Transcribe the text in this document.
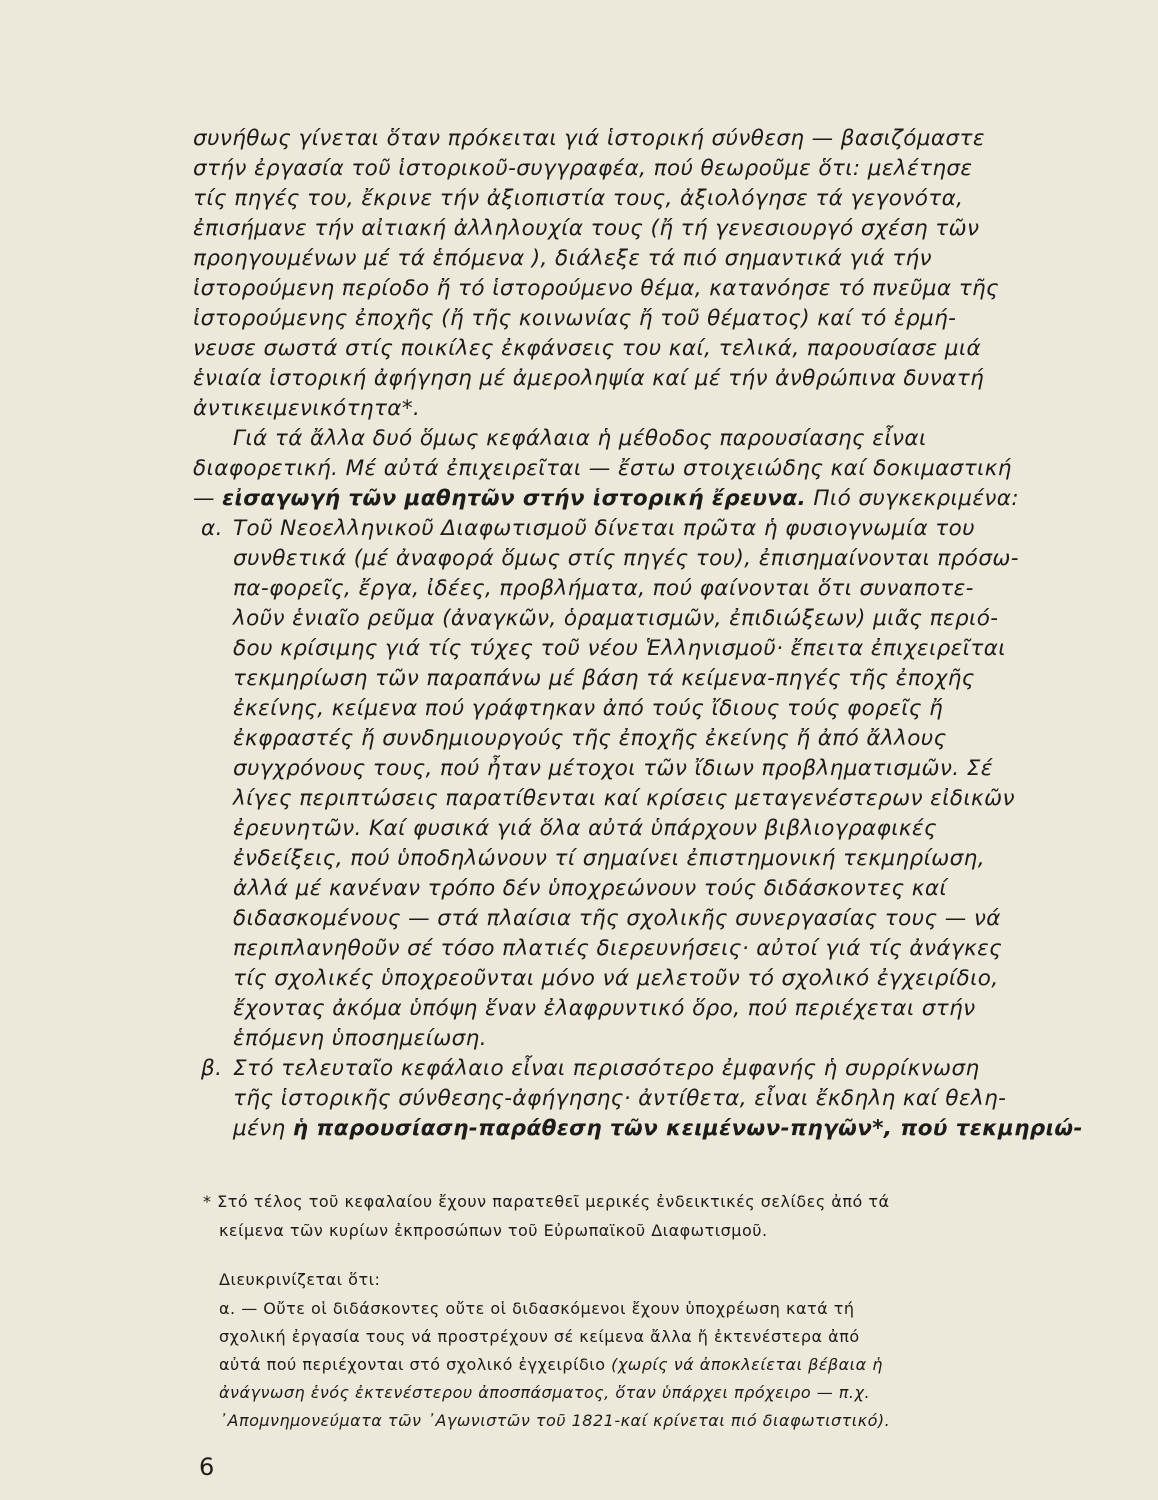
συνήθως γίνεται ὅταν πρόκειται γιά ἱστορική σύνθεση — βασιζόμαστε
στήν ἐργασία τοῦ ἱστορικοῦ-συγγραφέα, πού θεωροῦμε ὅτι: μελέτησε
τίς πηγές του, ἔκρινε τήν ἀξιοπιστία τους, ἀξιολόγησε τά γεγονότα,
ἐπισήμανε τήν αἰτιακή ἀλληλουχία τους (ἤ τή γενεσιουργό σχέση τῶν
προηγουμένων μέ τά ἑπόμενα ), διάλεξε τά πιό σημαντικά γιά τήν
ἱστορούμενη περίοδο ἤ τό ἱστορούμενο θέμα, κατανόησε τό πνεῦμα τῆς
ἱστορούμενης ἐποχῆς (ἤ τῆς κοινωνίας ἤ τοῦ θέματος) καί τό ἑρμή-
νευσε σωστά στίς ποικίλες ἐκφάνσεις του καί, τελικά, παρουσίασε μιά
ἑνιαία ἱστορική ἀφήγηση μέ ἀμεροληψία καί μέ τήν ἀνθρώπινα δυνατή
ἀντικειμενικότητα*.
Γιά τά ἄλλα δυό ὅμως κεφάλαια ἡ μέθοδος παρουσίασης εἶναι
διαφορετική. Μέ αὐτά ἐπιχειρεῖται — ἔστω στοιχειώδης καί δοκιμαστική
— εἰσαγωγή τῶν μαθητῶν στήν ἱστορική ἔρευνα. Πιό συγκεκριμένα:
α. Τοῦ Νεοελληνικοῦ Διαφωτισμοῦ δίνεται πρῶτα ἡ φυσιογνωμία του
συνθετικά (μέ ἀναφορά ὅμως στίς πηγές του), ἐπισημαίνονται πρόσω-
πα-φορεῖς, ἔργα, ἰδέες, προβλήματα, πού φαίνονται ὅτι συναποτε-
λοῦν ἑνιαῖο ρεῦμα (ἀναγκῶν, ὁραματισμῶν, ἐπιδιώξεων) μιᾶς περιό-
δου κρίσιμης γιά τίς τύχες τοῦ νέου Ἑλληνισμοῦ· ἔπειτα ἐπιχειρεῖται
τεκμηρίωση τῶν παραπάνω μέ βάση τά κείμενα-πηγές τῆς ἐποχῆς
ἐκείνης, κείμενα πού γράφτηκαν ἀπό τούς ἴδιους τούς φορεῖς ἤ
ἐκφραστές ἤ συνδημιουργούς τῆς ἐποχῆς ἐκείνης ἤ ἀπό ἄλλους
συγχρόνους τους, πού ἦταν μέτοχοι τῶν ἴδιων προβληματισμῶν. Σέ
λίγες περιπτώσεις παρατίθενται καί κρίσεις μεταγενέστερων εἰδικῶν
ἐρευνητῶν. Καί φυσικά γιά ὅλα αὐτά ὑπάρχουν βιβλιογραφικές
ἐνδείξεις, πού ὑποδηλώνουν τί σημαίνει ἐπιστημονική τεκμηρίωση,
ἀλλά μέ κανέναν τρόπο δέν ὑποχρεώνουν τούς διδάσκοντες καί
διδασκομένους — στά πλαίσια τῆς σχολικῆς συνεργασίας τους — νά
περιπλανηθοῦν σέ τόσο πλατιές διερευνήσεις· αὐτοί γιά τίς ἀνάγκες
τίς σχολικές ὑποχρεοῦνται μόνο νά μελετοῦν τό σχολικό ἐγχειρίδιο,
ἔχοντας ἀκόμα ὑπόψη ἕναν ἐλαφρυντικό ὅρο, πού περιέχεται στήν
ἑπόμενη ὑποσημείωση.
β. Στό τελευταῖο κεφάλαιο εἶναι περισσότερο ἐμφανής ἡ συρρίκνωση
τῆς ἱστορικῆς σύνθεσης-ἀφήγησης· ἀντίθετα, εἶναι ἔκδηλη καί θελη-
μένη ἡ παρουσίαση-παράθεση τῶν κειμένων-πηγῶν*, πού τεκμηριώ-
* Στό τέλος τοῦ κεφαλαίου ἔχουν παρατεθεῖ μερικές ἐνδεικτικές σελίδες ἀπό τά
κείμενα τῶν κυρίων ἐκπροσώπων τοῦ Εὐρωπαϊκοῦ Διαφωτισμοῦ.
Διευκρινίζεται ὅτι:
α. — Οὔτε οἱ διδάσκοντες οὔτε οἱ διδασκόμενοι ἔχουν ὑποχρέωση κατά τή
σχολική ἐργασία τους νά προστρέχουν σέ κείμενα ἄλλα ἤ ἐκτενέστερα ἀπό
αὐτά πού περιέχονται στό σχολικό ἐγχειρίδιο (χωρίς νά ἀποκλείεται βέβαια ἡ
ἀνάγνωση ἑνός ἐκτενέστερου ἀποσπάσματος, ὅταν ὑπάρχει πρόχειρο — π.χ.
᾽Απομνημονεύματα τῶν ᾽Αγωνιστῶν τοῦ 1821-καί κρίνεται πιό διαφωτιστικό).
6
